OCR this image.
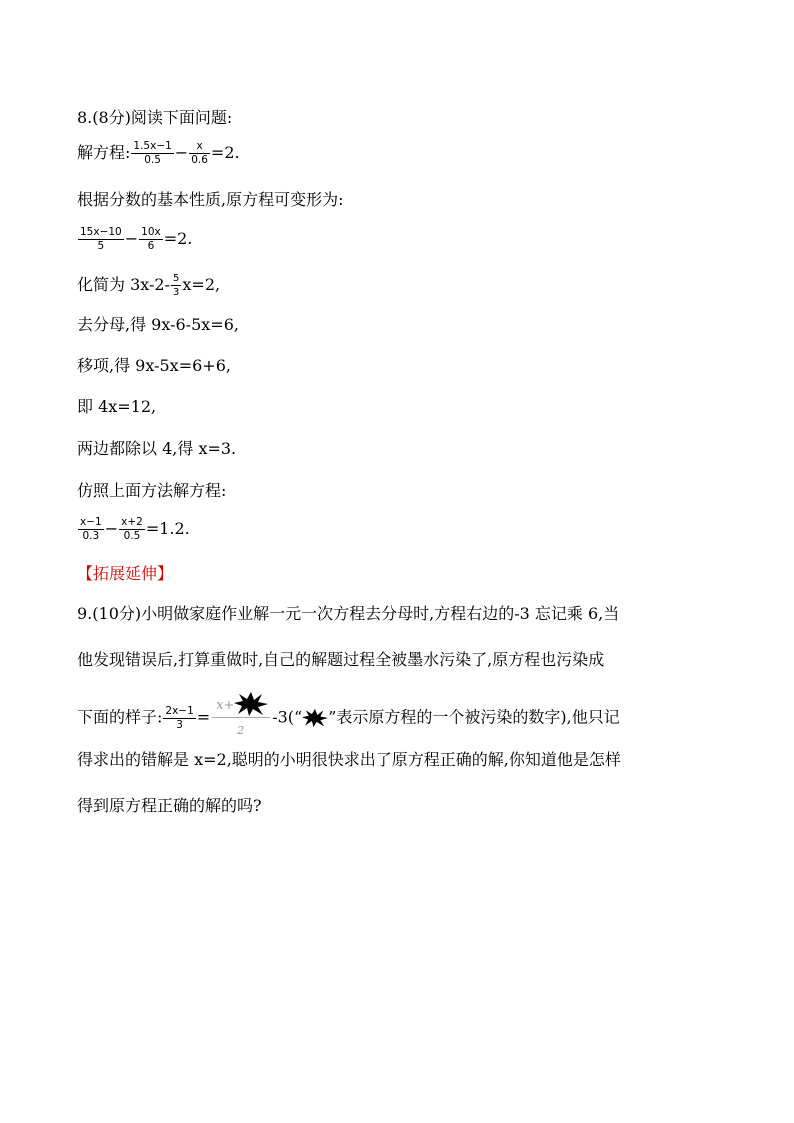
8.(8分)阅读下面问题:
解方程: $\frac{1.5x-1}{0.5} - \frac{x}{0.6} =2$.
根据分数的基本性质,原方程可变形为:
$\frac{15x-10}{5} - \frac{10x}{6} =2$.
化简为 $3x-2- \frac{5}{3} x=2$,
去分母,得 9x-6-5x=6,
移项,得 9x-5x=6+6,
即 4x=12,
两边都除以 4,得 x=3.
仿照上面方法解方程:
$\frac{x-1}{0.3} - \frac{x+2}{0.5} =1.2$.
【拓展延伸】
9.(10分)小明做家庭作业解一元一次方程去分母时,方程右边的-3 忘记乘 6,当
他发现错误后,打算重做时,自己的解题过程全被墨水污染了,原方程也污染成
下面的样子: $\frac{2x-1}{3}$ =
x+
2
-3(“ ”表示原方程的一个被污染的数字),他只记
得求出的错解是 x=2,聪明的小明很快求出了原方程正确的解,你知道他是怎样
得到原方程正确的解的吗?
